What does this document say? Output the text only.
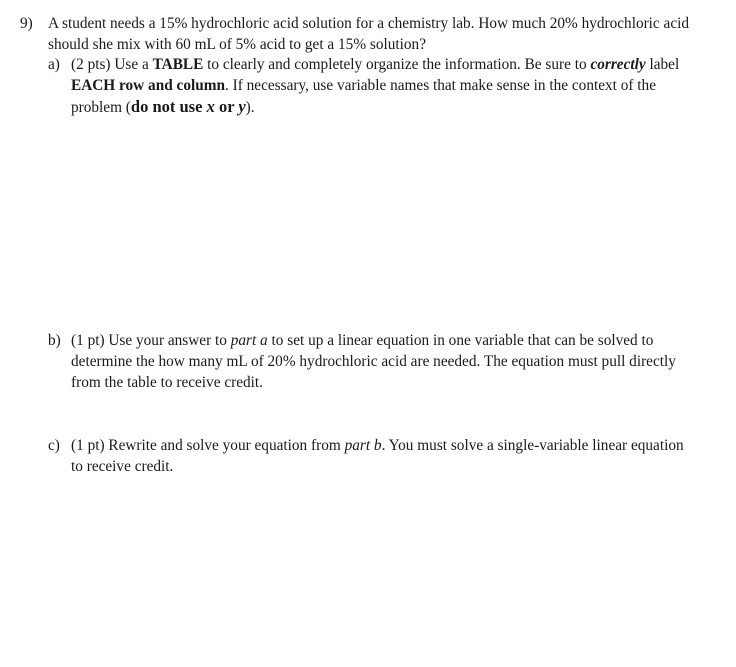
9) A student needs a 15% hydrochloric acid solution for a chemistry lab. How much 20% hydrochloric acid
should she mix with 60 mL of 5% acid to get a 15% solution?
a) (2 pts) Use a TABLE to clearly and completely organize the information. Be sure to correctly label
EACH row and column. If necessary, use variable names that make sense in the context of the
problem (do not use x or y).
b) (1 pt) Use your answer to part a to set up a linear equation in one variable that can be solved to
determine the how many mL of 20% hydrochloric acid are needed. The equation must pull directly
from the table to receive credit.
c) (1 pt) Rewrite and solve your equation from part b. You must solve a single-variable linear equation
to receive credit.
